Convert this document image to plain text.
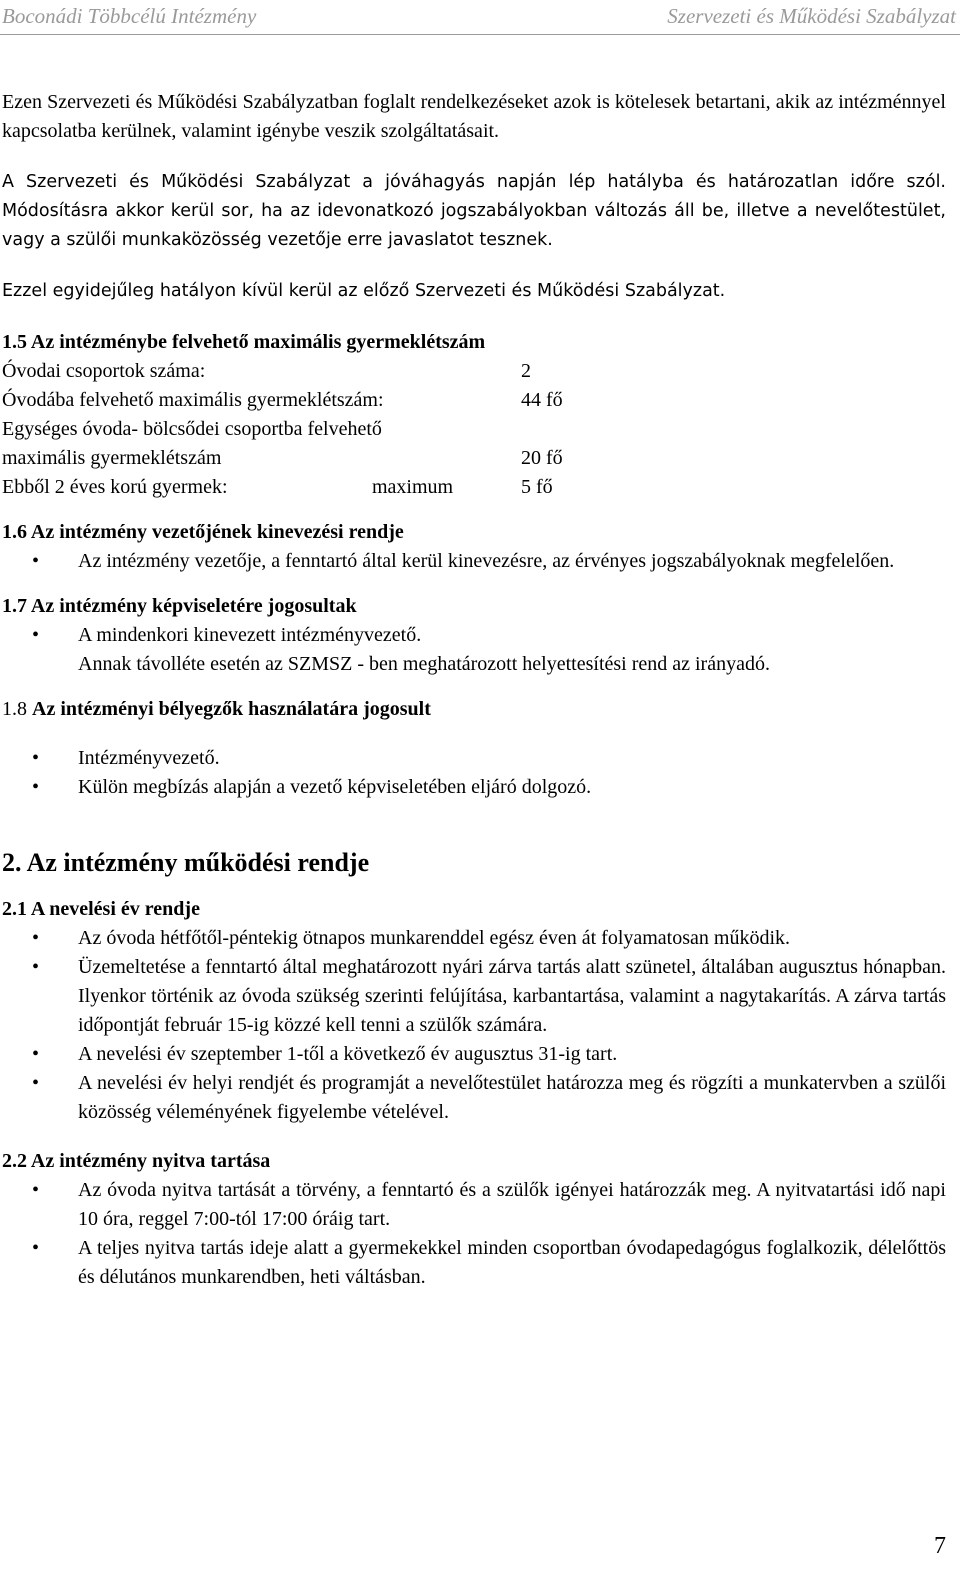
Boconádi Többcélú Intézmény	Szervezeti és Működési Szabályzat

Ezen Szervezeti és Működési Szabályzatban foglalt rendelkezéseket azok is kötelesek betartani, akik az intézménnyel kapcsolatba kerülnek, valamint igénybe veszik szolgáltatásait.

A Szervezeti és Működési Szabályzat a jóváhagyás napján lép hatályba és határozatlan időre szól. Módosításra akkor kerül sor, ha az idevonatkozó jogszabályokban változás áll be, illetve a nevelőtestület, vagy a szülői munkaközösség vezetője erre javaslatot tesznek.

Ezzel egyidejűleg hatályon kívül kerül az előző Szervezeti és Működési Szabályzat.

1.5 Az intézménybe felvehető maximális gyermeklétszám

Óvodai csoportok száma:	2
Óvodába felvehető maximális gyermeklétszám:	44 fő
Egységes óvoda- bölcsődei csoportba felvehető
maximális gyermeklétszám	20 fő
Ebből 2 éves korú gyermek:	maximum	5 fő

1.6 Az intézmény vezetőjének kinevezési rendje

• Az intézmény vezetője, a fenntartó által kerül kinevezésre, az érvényes jogszabályoknak megfelelően.

1.7 Az intézmény képviseletére jogosultak

• A mindenkori kinevezett intézményvezető.
Annak távolléte esetén az SZMSZ - ben meghatározott helyettesítési rend az irányadó.

1.8 Az intézményi bélyegzők használatára jogosult

• Intézményvezető.
• Külön megbízás alapján a vezető képviseletében eljáró dolgozó.

2. Az intézmény működési rendje

2.1 A nevelési év rendje

• Az óvoda hétfőtől-péntekig ötnapos munkarenddel egész éven át folyamatosan működik.
• Üzemeltetése a fenntartó által meghatározott nyári zárva tartás alatt szünetel, általában augusztus hónapban. Ilyenkor történik az óvoda szükség szerinti felújítása, karbantartása, valamint a nagytakarítás. A zárva tartás időpontját február 15-ig közzé kell tenni a szülők számára.
• A nevelési év szeptember 1-től a következő év augusztus 31-ig tart.
• A nevelési év helyi rendjét és programját a nevelőtestület határozza meg és rögzíti a munkatervben a szülői közösség véleményének figyelembe vételével.

2.2 Az intézmény nyitva tartása

• Az óvoda nyitva tartását a törvény, a fenntartó és a szülők igényei határozzák meg. A nyitvatartási idő napi 10 óra, reggel 7:00-tól 17:00 óráig tart.
• A teljes nyitva tartás ideje alatt a gyermekekkel minden csoportban óvodapedagógus foglalkozik, délelőttös és délutános munkarendben, heti váltásban.
7
